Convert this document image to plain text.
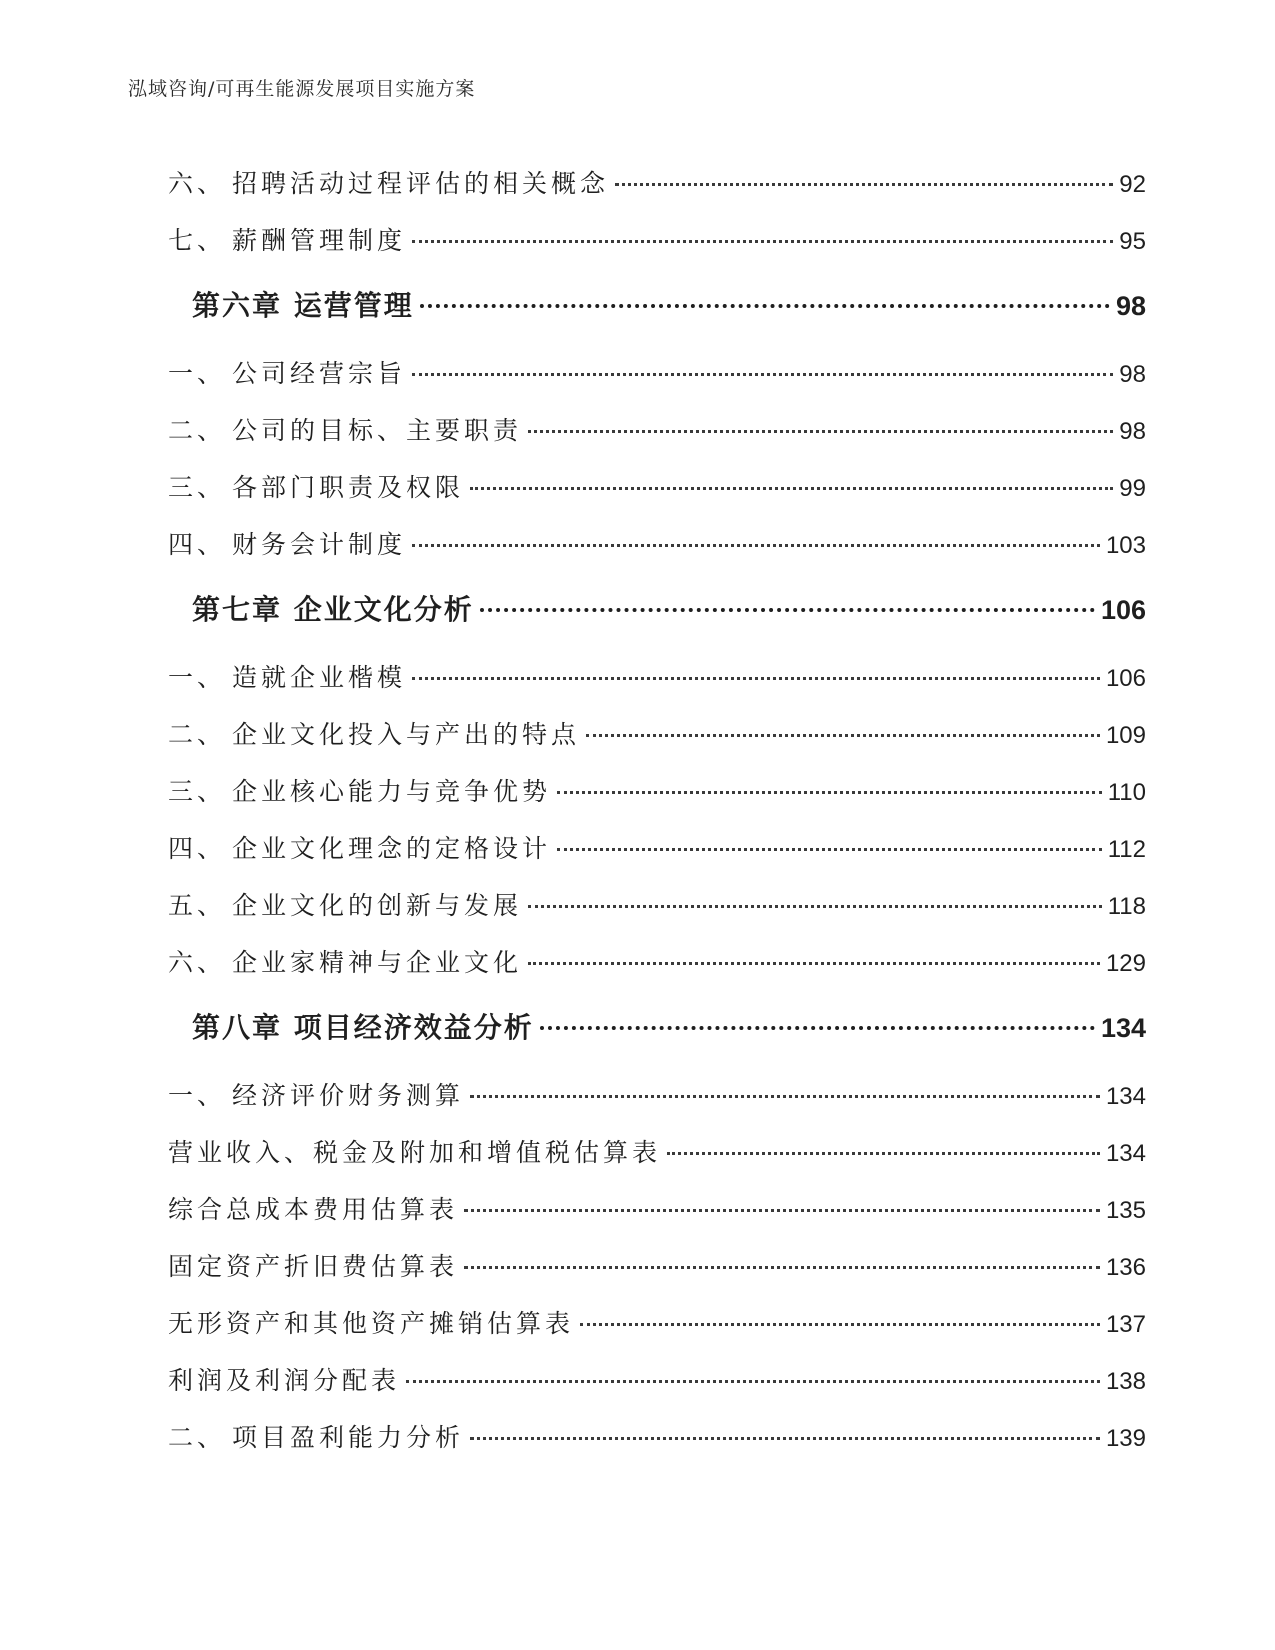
泓域咨询/可再生能源发展项目实施方案
六、 招聘活动过程评估的相关概念	92
七、 薪酬管理制度	95
第六章 运营管理	98
一、 公司经营宗旨	98
二、 公司的目标、主要职责	98
三、 各部门职责及权限	99
四、 财务会计制度	103
第七章 企业文化分析	106
一、 造就企业楷模	106
二、 企业文化投入与产出的特点	109
三、 企业核心能力与竞争优势	110
四、 企业文化理念的定格设计	112
五、 企业文化的创新与发展	118
六、 企业家精神与企业文化	129
第八章 项目经济效益分析	134
一、 经济评价财务测算	134
营业收入、税金及附加和增值税估算表	134
综合总成本费用估算表	135
固定资产折旧费估算表	136
无形资产和其他资产摊销估算表	137
利润及利润分配表	138
二、 项目盈利能力分析	139
